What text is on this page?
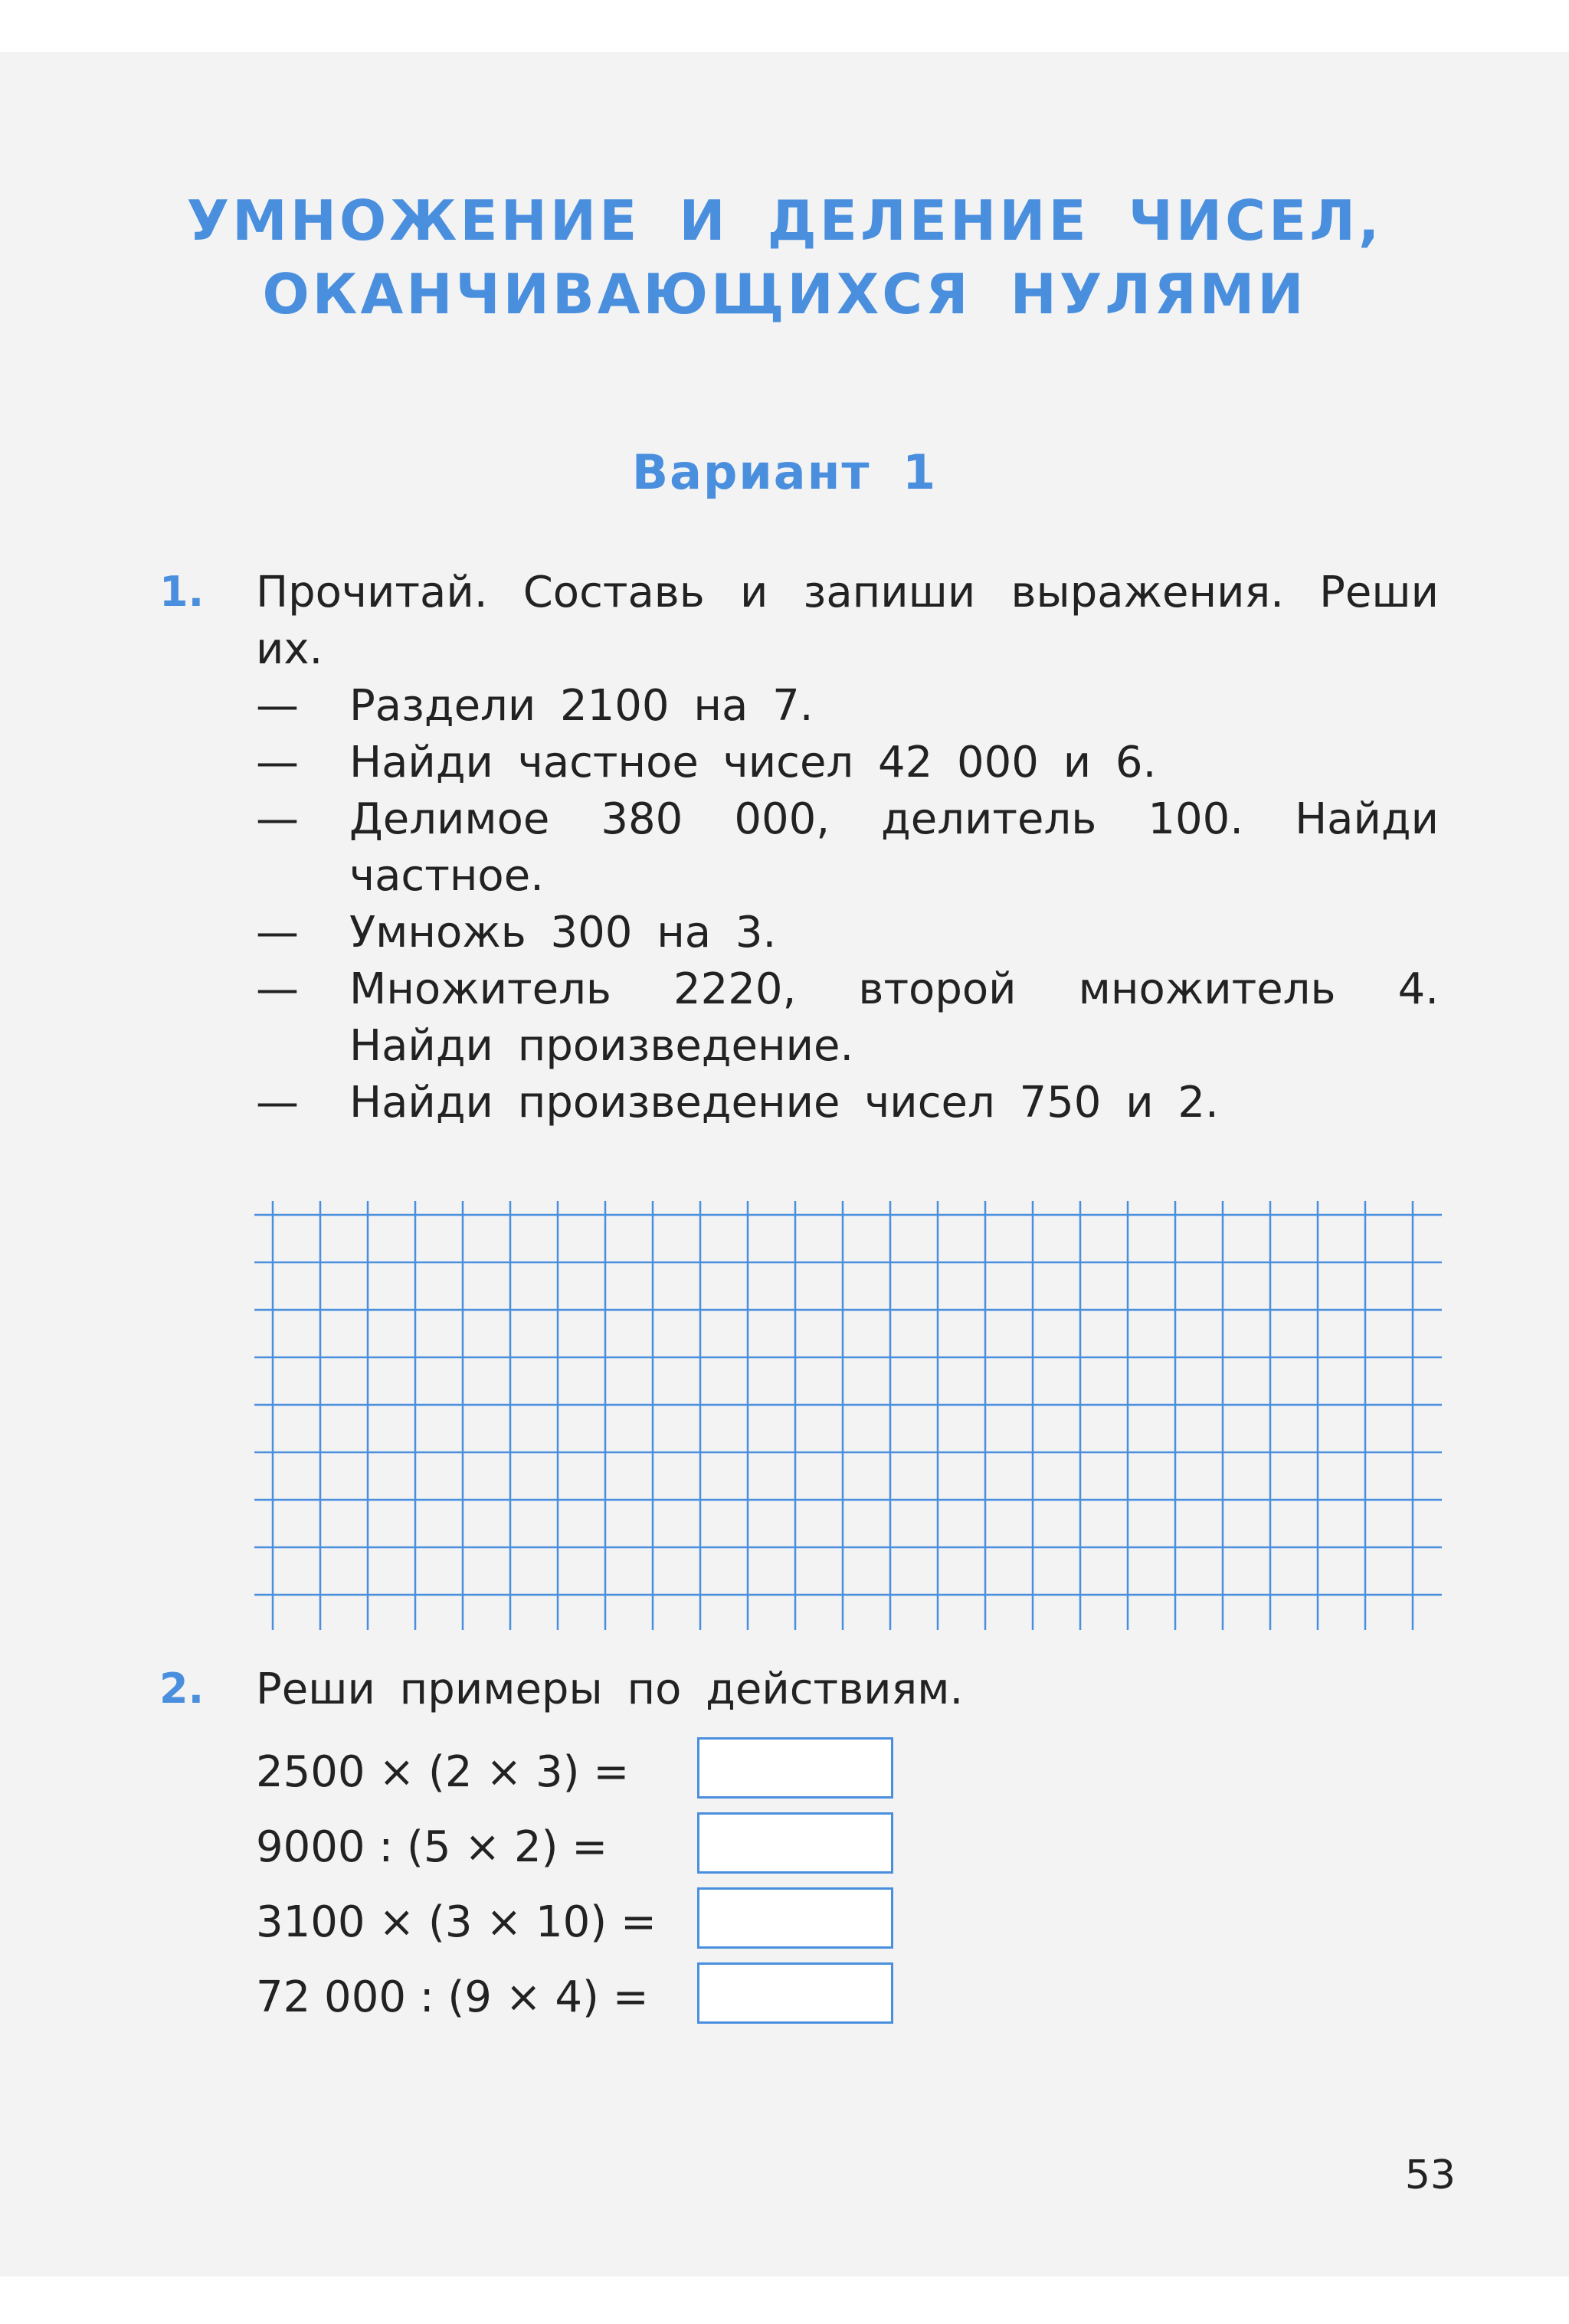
УМНОЖЕНИЕ И ДЕЛЕНИЕ ЧИСЕЛ,
ОКАНЧИВАЮЩИХСЯ НУЛЯМИ
Вариант 1
1. Прочитай. Составь и запиши выражения. Реши
их.
— Раздели 2100 на 7.
— Найди частное чисел 42 000 и 6.
— Делимое 380 000, делитель 100. Найди
частное.
— Умножь 300 на 3.
— Множитель 2220, второй множитель 4.
Найди произведение.
— Найди произведение чисел 750 и 2.
2. Реши примеры по действиям.
2500 × (2 × 3) =
9000 : (5 × 2) =
3100 × (3 × 10) =
72 000 : (9 × 4) =
53
